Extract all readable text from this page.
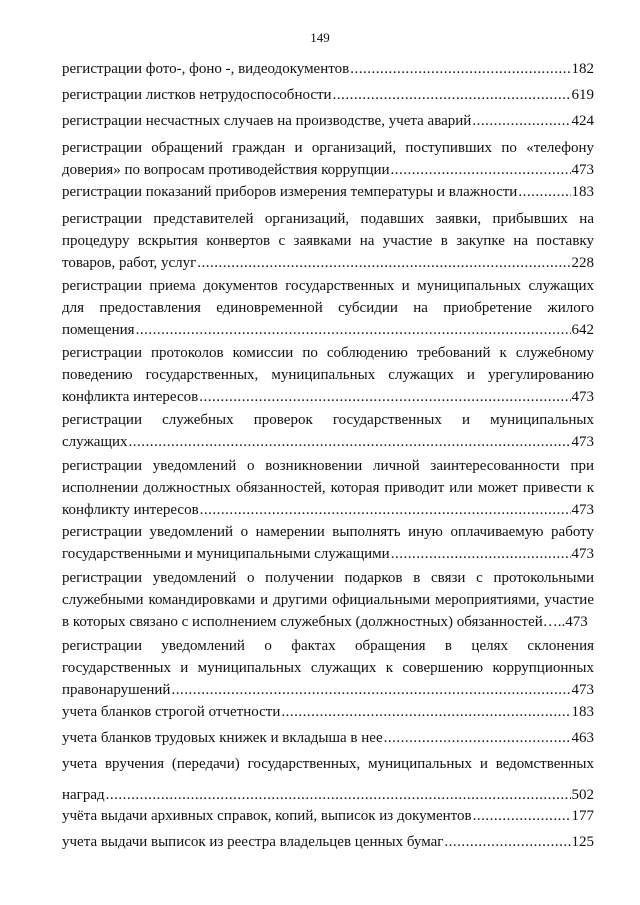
149
регистрации фото-, фоно -, видеодокументов .....	182
регистрации листков нетрудоспособности .....	619
регистрации несчастных случаев на производстве, учета аварий .....	424
регистрации обращений граждан и организаций, поступивших по «телефону
доверия» по вопросам противодействия коррупции .....	473
регистрации показаний приборов измерения температуры и влажности .....	183
регистрации представителей организаций, подавших заявки, прибывших на
процедуру вскрытия конвертов с заявками на участие в закупке на поставку
товаров, работ, услуг .....	228
регистрации приема документов государственных и муниципальных служащих
для предоставления единовременной субсидии на приобретение жилого
помещения .....	642
регистрации протоколов комиссии по соблюдению требований к служебному
поведению государственных, муниципальных служащих и урегулированию
конфликта интересов .....	473
регистрации служебных проверок государственных и муниципальных
служащих .....	473
регистрации уведомлений о возникновении личной заинтересованности при
исполнении должностных обязанностей, которая приводит или может привести к
конфликту интересов .....	473
регистрации уведомлений о намерении выполнять иную оплачиваемую работу
государственными и муниципальными служащими .....	473
регистрации уведомлений о получении подарков в связи с протокольными
служебными командировками и другими официальными мероприятиями, участие
в которых связано с исполнением служебных (должностных) обязанностей…..473
регистрации уведомлений о фактах обращения в целях склонения
государственных и муниципальных служащих к совершению коррупционных
правонарушений .....	473
учета бланков строгой отчетности .....	183
учета бланков трудовых книжек и вкладыша в нее .....	463
учета вручения (передачи) государственных, муниципальных и ведомственных
наград .....	502
учёта выдачи архивных справок, копий, выписок из документов .....	177
учета выдачи выписок из реестра владельцев ценных бумаг .....	125
